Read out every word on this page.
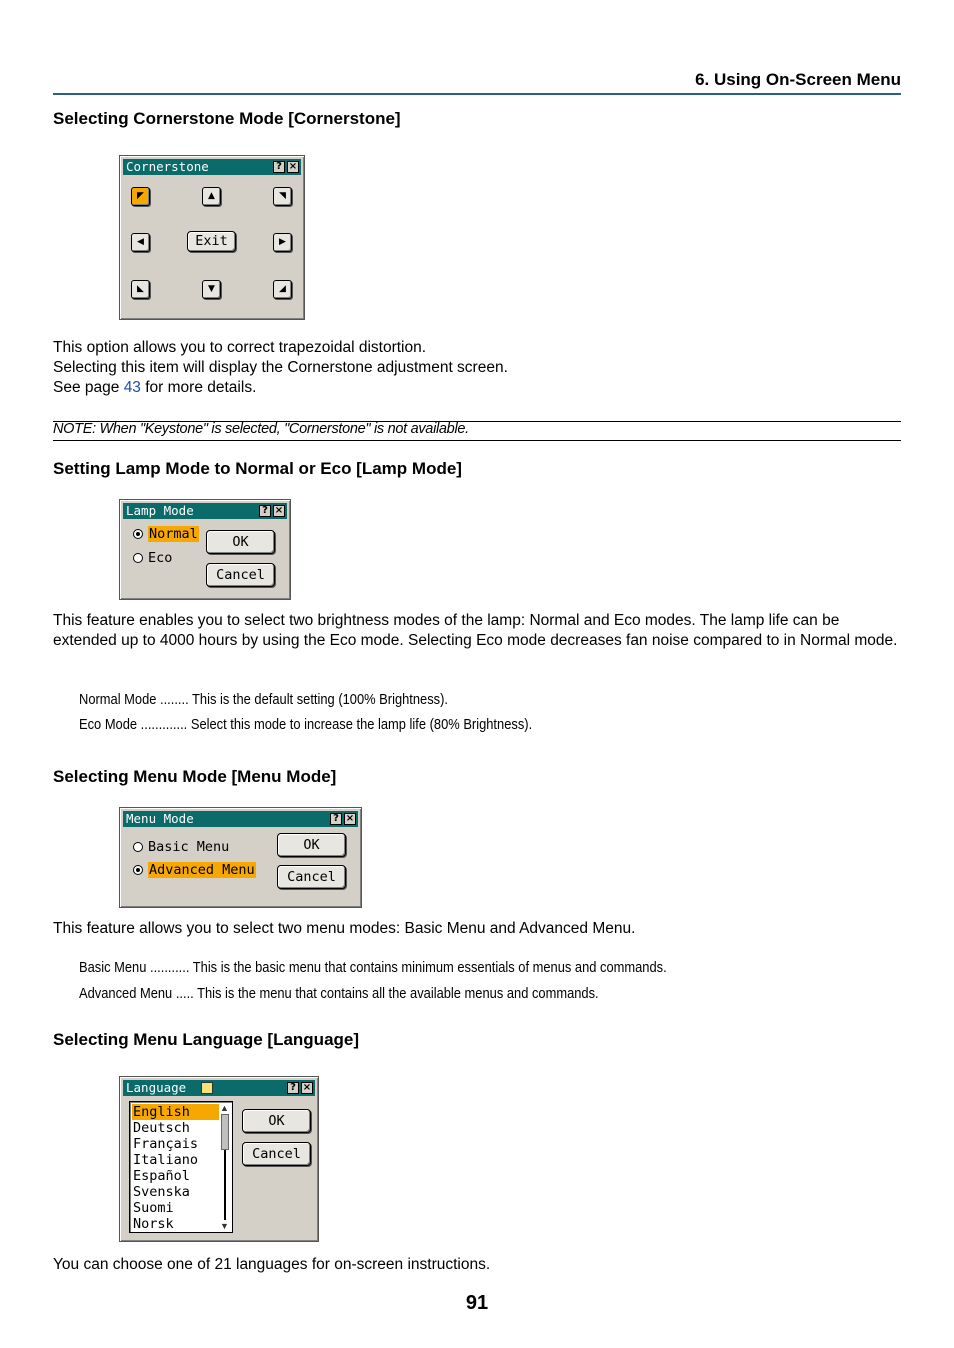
6. Using On-Screen Menu
Selecting Cornerstone Mode [Cornerstone]
Cornerstone	? ×
◤	▲	◥
◀	Exit	▶
◣	▼	◢
This option allows you to correct trapezoidal distortion.
Selecting this item will display the Cornerstone adjustment screen.
See page 43 for more details.
NOTE: When "Keystone" is selected, "Cornerstone" is not available.
Setting Lamp Mode to Normal or Eco [Lamp Mode]
Lamp Mode	? ×
Normal
Eco
OK
Cancel
This feature enables you to select two brightness modes of the lamp: Normal and Eco modes. The lamp life can be extended up to 4000 hours by using the Eco mode. Selecting Eco mode decreases fan noise compared to in Normal mode.
Normal Mode ........ This is the default setting (100% Brightness).
Eco Mode ............. Select this mode to increase the lamp life (80% Brightness).
Selecting Menu Mode [Menu Mode]
Menu Mode	? ×
Basic Menu
Advanced Menu
OK
Cancel
This feature allows you to select two menu modes: Basic Menu and Advanced Menu.
Basic Menu ........... This is the basic menu that contains minimum essentials of menus and commands.
Advanced Menu ..... This is the menu that contains all the available menus and commands.
Selecting Menu Language [Language]
Language	? ×
English
Deutsch
Français
Italiano
Español
Svenska
Suomi
Norsk
▲
▼
OK
Cancel
You can choose one of 21 languages for on-screen instructions.
91
